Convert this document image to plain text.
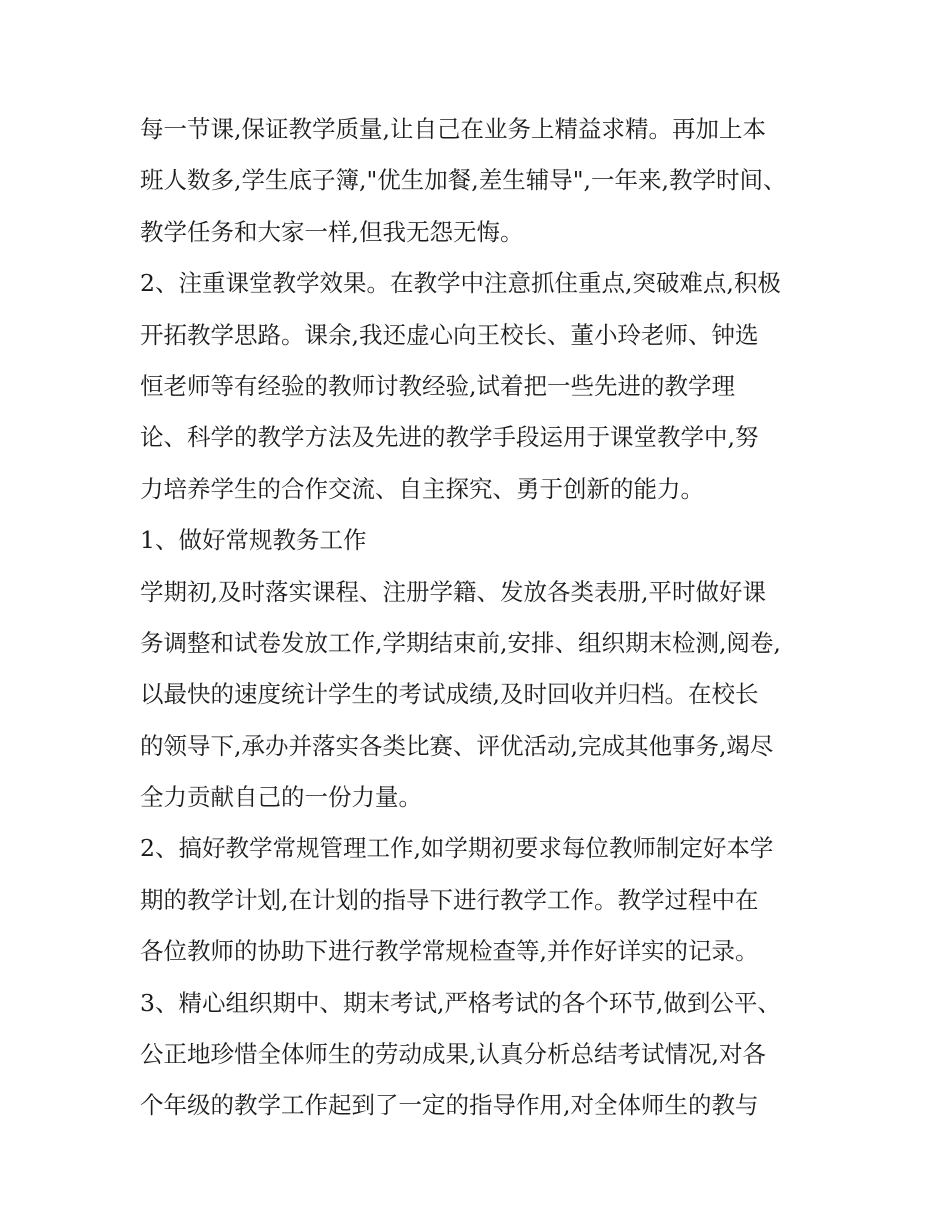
每一节课,保证教学质量,让自己在业务上精益求精。再加上本
班人数多,学生底子簿,"优生加餐,差生辅导",一年来,教学时间、
教学任务和大家一样,但我无怨无悔。
2、注重课堂教学效果。在教学中注意抓住重点,突破难点,积极
开拓教学思路。课余,我还虚心向王校长、董小玲老师、钟选
恒老师等有经验的教师讨教经验,试着把一些先进的教学理
论、科学的教学方法及先进的教学手段运用于课堂教学中,努
力培养学生的合作交流、自主探究、勇于创新的能力。
1、做好常规教务工作
学期初,及时落实课程、注册学籍、发放各类表册,平时做好课
务调整和试卷发放工作,学期结束前,安排、组织期末检测,阅卷,
以最快的速度统计学生的考试成绩,及时回收并归档。在校长
的领导下,承办并落实各类比赛、评优活动,完成其他事务,竭尽
全力贡献自己的一份力量。
2、搞好教学常规管理工作,如学期初要求每位教师制定好本学
期的教学计划,在计划的指导下进行教学工作。教学过程中在
各位教师的协助下进行教学常规检查等,并作好详实的记录。
3、精心组织期中、期末考试,严格考试的各个环节,做到公平、
公正地珍惜全体师生的劳动成果,认真分析总结考试情况,对各
个年级的教学工作起到了一定的指导作用,对全体师生的教与
